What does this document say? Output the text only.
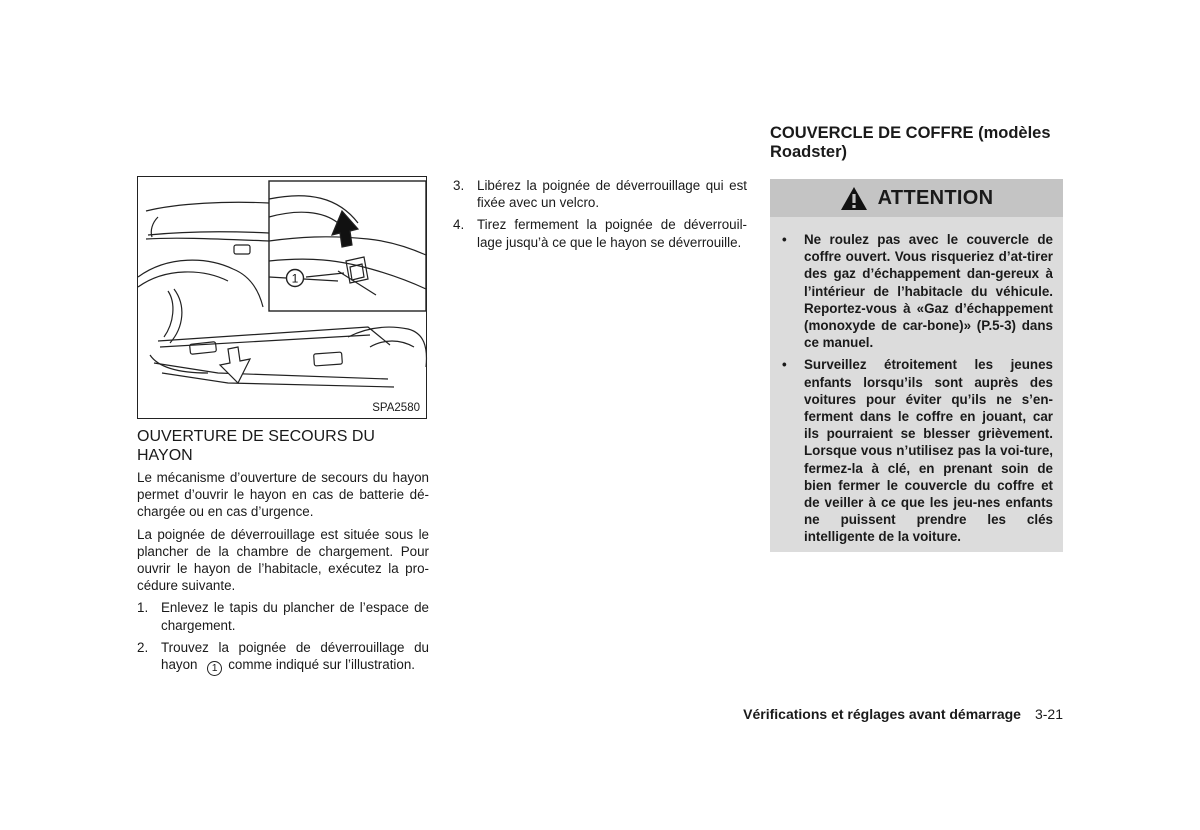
1
SPA2580
OUVERTURE DE SECOURS DU HAYON

Le mécanisme d’ouverture de secours du hayon permet d’ouvrir le hayon en cas de batterie dé-chargée ou en cas d’urgence.

La poignée de déverrouillage est située sous le plancher de la chambre de chargement. Pour ouvrir le hayon de l’habitacle, exécutez la pro-cédure suivante.

1. Enlevez le tapis du plancher de l’espace de chargement.
2. Trouvez la poignée de déverrouillage du hayon 1 comme indiqué sur l’illustration.
3. Libérez la poignée de déverrouillage qui est fixée avec un velcro.
4. Tirez fermement la poignée de déverrouil-lage jusqu’à ce que le hayon se déverrouille.
COUVERCLE DE COFFRE (modèles Roadster)
ATTENTION
• Ne roulez pas avec le couvercle de coffre ouvert. Vous risqueriez d’at-tirer des gaz d’échappement dan-gereux à l’intérieur de l’habitacle du véhicule. Reportez-vous à «Gaz d’échappement (monoxyde de car-bone)» (P.5-3) dans ce manuel.
• Surveillez étroitement les jeunes enfants lorsqu’ils sont auprès des voitures pour éviter qu’ils ne s’en-ferment dans le coffre en jouant, car ils pourraient se blesser grièvement. Lorsque vous n’utilisez pas la voi-ture, fermez-la à clé, en prenant soin de bien fermer le couvercle du coffre et de veiller à ce que les jeu-nes enfants ne puissent prendre les clés intelligente de la voiture.
Vérifications et réglages avant démarrage 3-21
